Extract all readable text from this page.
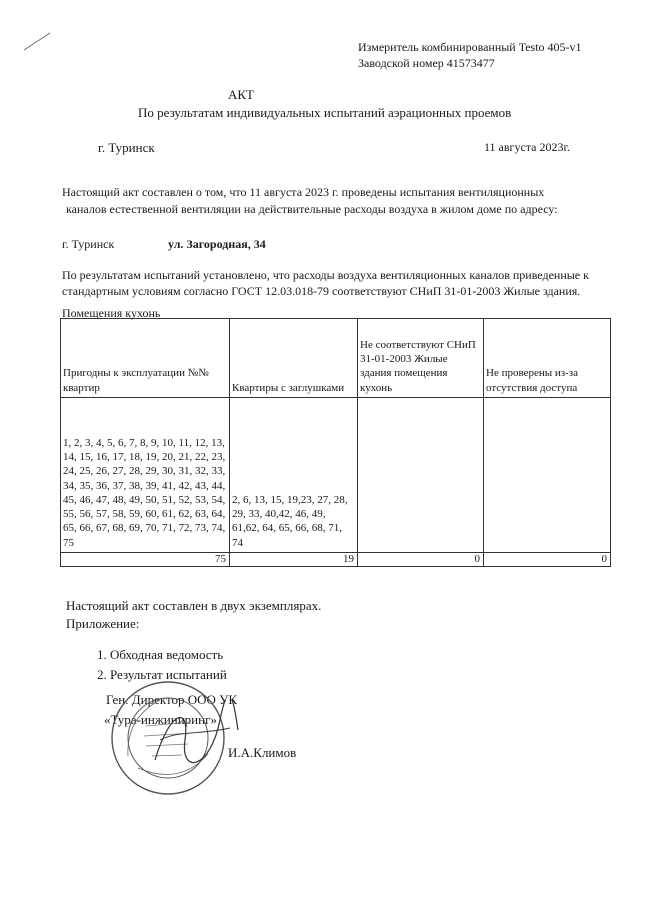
Измеритель комбинированный Testo 405-v1
Заводской номер 41573477
АКТ
По результатам индивидуальных испытаний аэрационных проемов
г. Туринск	11 августа 2023г.
Настоящий акт составлен о том, что 11 августа 2023 г. проведены испытания вентиляционных
каналов естественной вентиляции на действительные расходы воздуха в жилом доме по адресу:
г. Туринск	ул. Загородная, 34
По результатам испытаний установлено, что расходы воздуха вентиляционных каналов приведенные к
стандартным условиям согласно ГОСТ 12.03.018-79 соответствуют СНиП 31-01-2003 Жилые здания.
Помещения кухонь
Пригодны к эксплуатации №№ квартир	Квартиры с заглушками	Не соответствуют СНиП 31-01-2003 Жилые здания помещения кухонь	Не проверены из-за отсутствия доступа
1, 2, 3, 4, 5, 6, 7, 8, 9, 10, 11, 12, 13, 14, 15, 16, 17, 18, 19, 20, 21, 22, 23, 24, 25, 26, 27, 28, 29, 30, 31, 32, 33, 34, 35, 36, 37, 38, 39, 41, 42, 43, 44, 45, 46, 47, 48, 49, 50, 51, 52, 53, 54, 55, 56, 57, 58, 59, 60, 61, 62, 63, 64, 65, 66, 67, 68, 69, 70, 71, 72, 73, 74, 75	2, 6, 13, 15, 19,23, 27, 28, 29, 33, 40,42, 46, 49, 61,62, 64, 65, 66, 68, 71, 74		
75	19	0	0
Настоящий акт составлен в двух экземплярах.
Приложение:
1. Обходная ведомость
2. Результат испытаний
Ген. Директор ООО УК
«Тура-инжиниринг»
И.А.Климов
